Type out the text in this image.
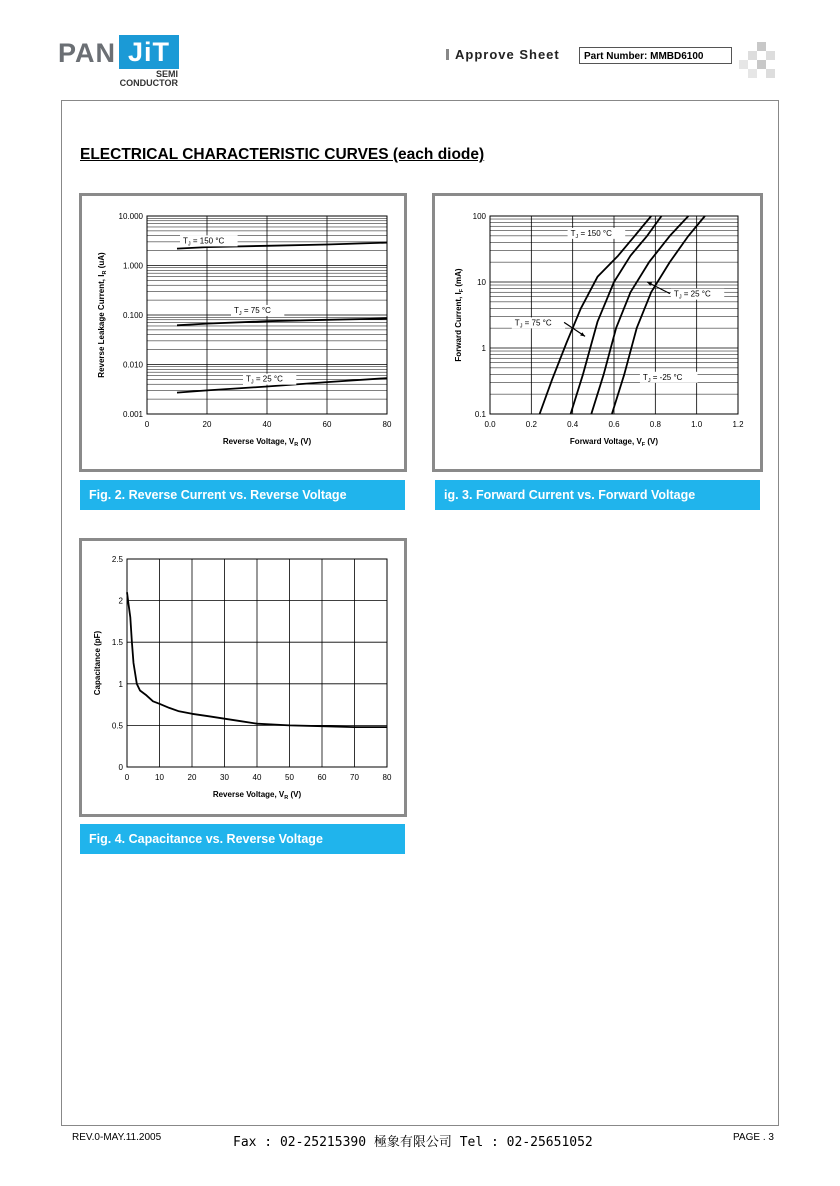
PAN JiT
SEMI
CONDUCTOR
Approve Sheet	Part Number: MMBD6100
ELECTRICAL CHARACTERISTIC CURVES (each diode)
0.001
0.010
0.100
1.000
10.000
0	20	40	60	80
Reverse Voltage, $V_R$ (V)
Reverse Leakage Current, $I_R$ (uA)
$T_J = 150$ °C
$T_J = 75$ °C
$T_J = 25$ °C
Fig. 2. Reverse Current vs. Reverse Voltage
0.1
1
10
100
0.0	0.2	0.4	0.6	0.8	1.0	1.2
Forward Voltage, $V_F$ (V)
Forward Current, $I_F$ (mA)
$T_J = 150$ °C
$T_J = 75$ °C
$T_J = 25$ °C
$T_J = -25$ °C
ig. 3. Forward Current vs. Forward Voltage
0
0.5
1
1.5
2
2.5
0	10	20	30	40	50	60	70	80
Reverse Voltage, $V_R$ (V)
Capacitance (pF)
Fig. 4. Capacitance vs. Reverse Voltage
REV.0-MAY.11.2005	Fax : 02-25215390 極象有限公司 Tel : 02-25651052	PAGE . 3
